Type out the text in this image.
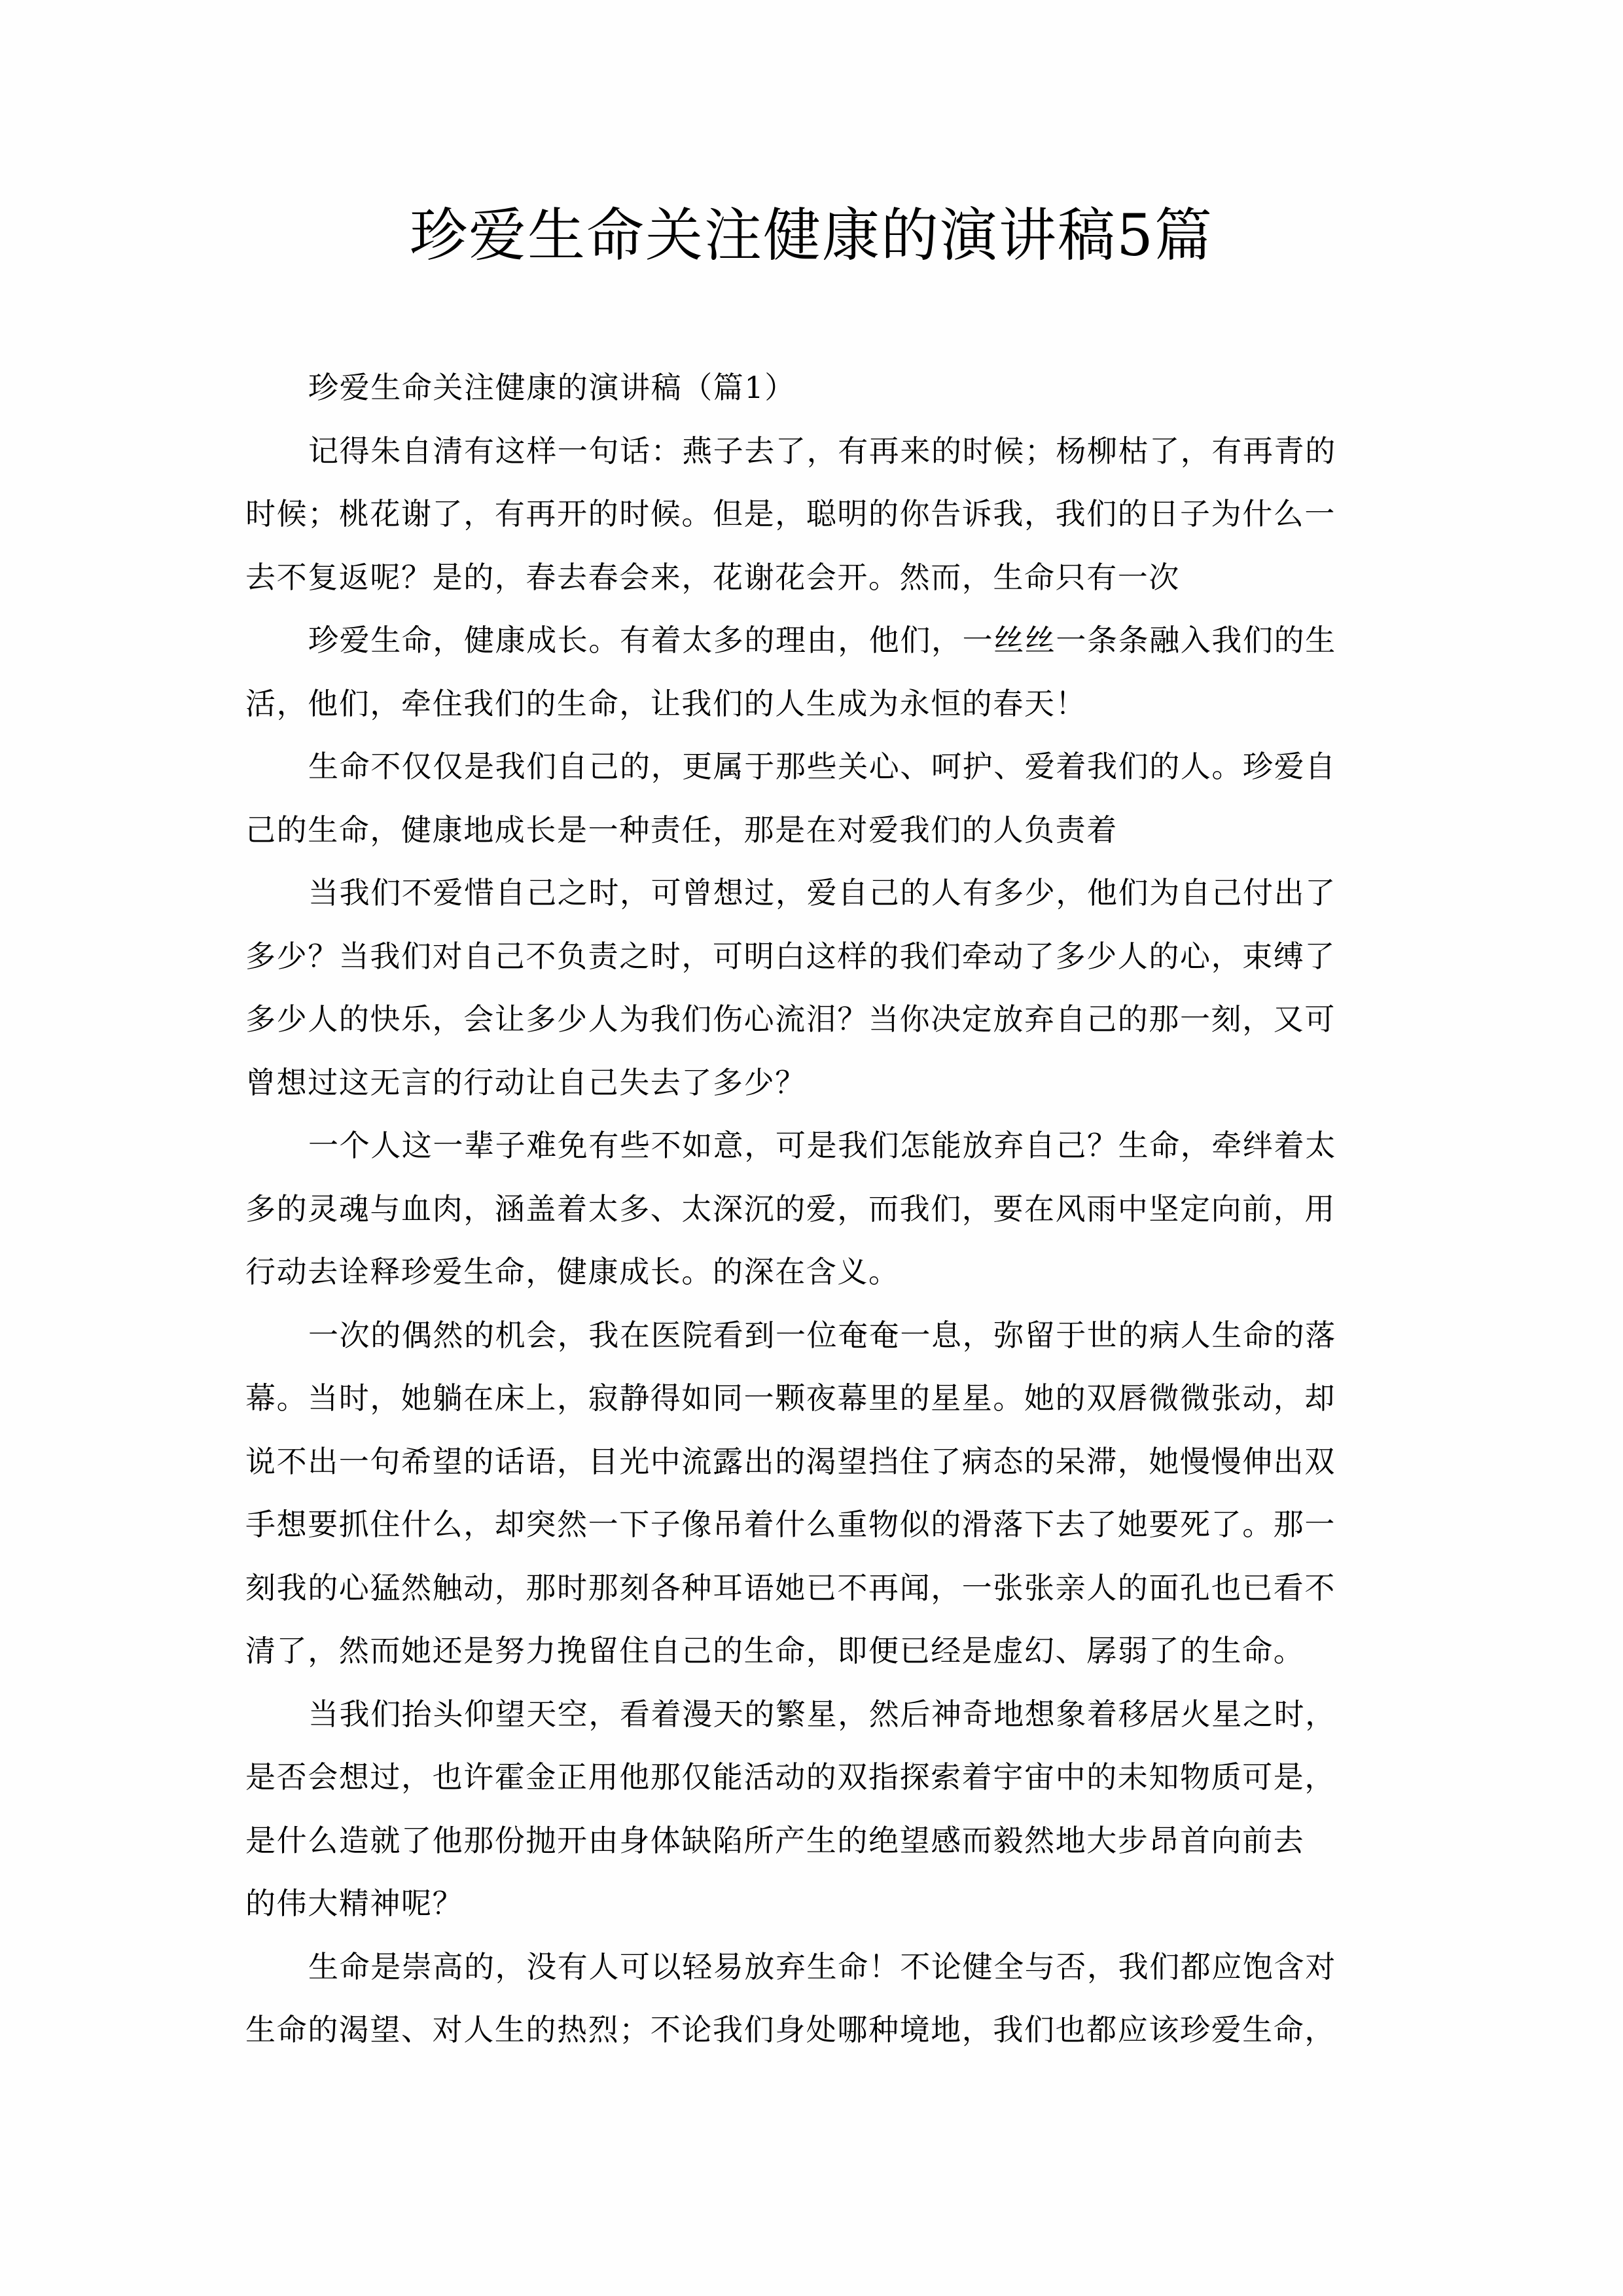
珍爱生命关注健康的演讲稿5篇
珍爱生命关注健康的演讲稿（篇1）
记得朱自清有这样一句话：燕子去了，有再来的时候；杨柳枯了，有再青的
时候；桃花谢了，有再开的时候。但是，聪明的你告诉我，我们的日子为什么一
去不复返呢？是的，春去春会来，花谢花会开。然而，生命只有一次
珍爱生命，健康成长。有着太多的理由，他们，一丝丝一条条融入我们的生
活，他们，牵住我们的生命，让我们的人生成为永恒的春天！
生命不仅仅是我们自己的，更属于那些关心、呵护、爱着我们的人。珍爱自
己的生命，健康地成长是一种责任，那是在对爱我们的人负责着
当我们不爱惜自己之时，可曾想过，爱自己的人有多少，他们为自己付出了
多少？当我们对自己不负责之时，可明白这样的我们牵动了多少人的心，束缚了
多少人的快乐，会让多少人为我们伤心流泪？当你决定放弃自己的那一刻，又可
曾想过这无言的行动让自己失去了多少？
一个人这一辈子难免有些不如意，可是我们怎能放弃自己？生命，牵绊着太
多的灵魂与血肉，涵盖着太多、太深沉的爱，而我们，要在风雨中坚定向前，用
行动去诠释珍爱生命，健康成长。的深在含义。
一次的偶然的机会，我在医院看到一位奄奄一息，弥留于世的病人生命的落
幕。当时，她躺在床上，寂静得如同一颗夜幕里的星星。她的双唇微微张动，却
说不出一句希望的话语，目光中流露出的渴望挡住了病态的呆滞，她慢慢伸出双
手想要抓住什么，却突然一下子像吊着什么重物似的滑落下去了她要死了。那一
刻我的心猛然触动，那时那刻各种耳语她已不再闻，一张张亲人的面孔也已看不
清了，然而她还是努力挽留住自己的生命，即便已经是虚幻、孱弱了的生命。
当我们抬头仰望天空，看着漫天的繁星，然后神奇地想象着移居火星之时，
是否会想过，也许霍金正用他那仅能活动的双指探索着宇宙中的未知物质可是，
是什么造就了他那份抛开由身体缺陷所产生的绝望感而毅然地大步昂首向前去
的伟大精神呢？
生命是崇高的，没有人可以轻易放弃生命！不论健全与否，我们都应饱含对
生命的渴望、对人生的热烈；不论我们身处哪种境地，我们也都应该珍爱生命，
